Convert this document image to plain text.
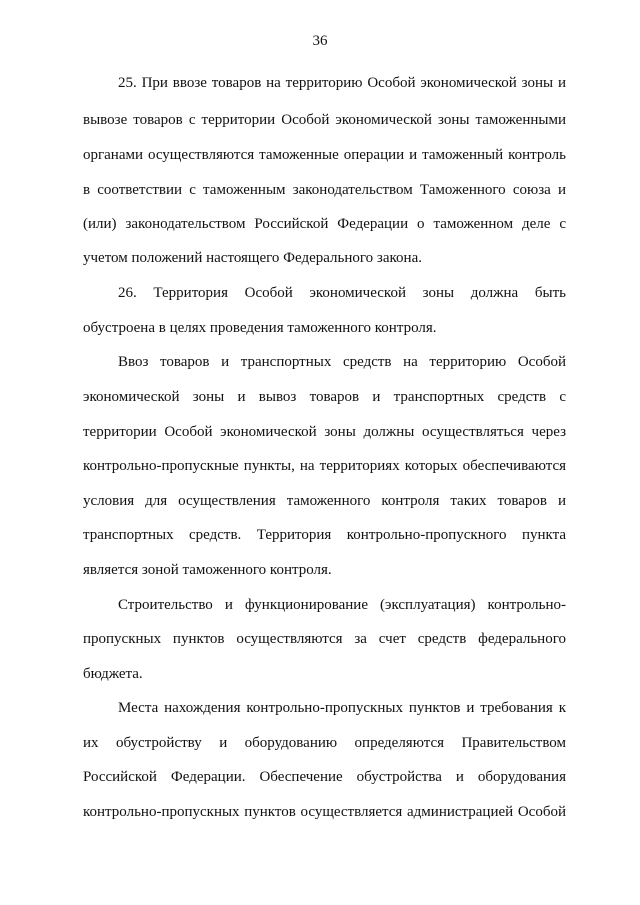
36
25. При ввозе товаров на территорию Особой экономической зоны и
вывозе товаров с территории Особой экономической зоны таможенными
органами осуществляются таможенные операции и таможенный контроль
в соответствии с таможенным законодательством Таможенного союза и
(или) законодательством Российской Федерации о таможенном деле с
учетом положений настоящего Федерального закона.
26. Территория Особой экономической зоны должна быть
обустроена в целях проведения таможенного контроля.
Ввоз товаров и транспортных средств на территорию Особой
экономической зоны и вывоз товаров и транспортных средств с
территории Особой экономической зоны должны осуществляться через
контрольно-пропускные пункты, на территориях которых обеспечиваются
условия для осуществления таможенного контроля таких товаров и
транспортных средств. Территория контрольно-пропускного пункта
является зоной таможенного контроля.
Строительство и функционирование (эксплуатация) контрольно-
пропускных пунктов осуществляются за счет средств федерального
бюджета.
Места нахождения контрольно-пропускных пунктов и требования к
их обустройству и оборудованию определяются Правительством
Российской Федерации. Обеспечение обустройства и оборудования
контрольно-пропускных пунктов осуществляется администрацией Особой
